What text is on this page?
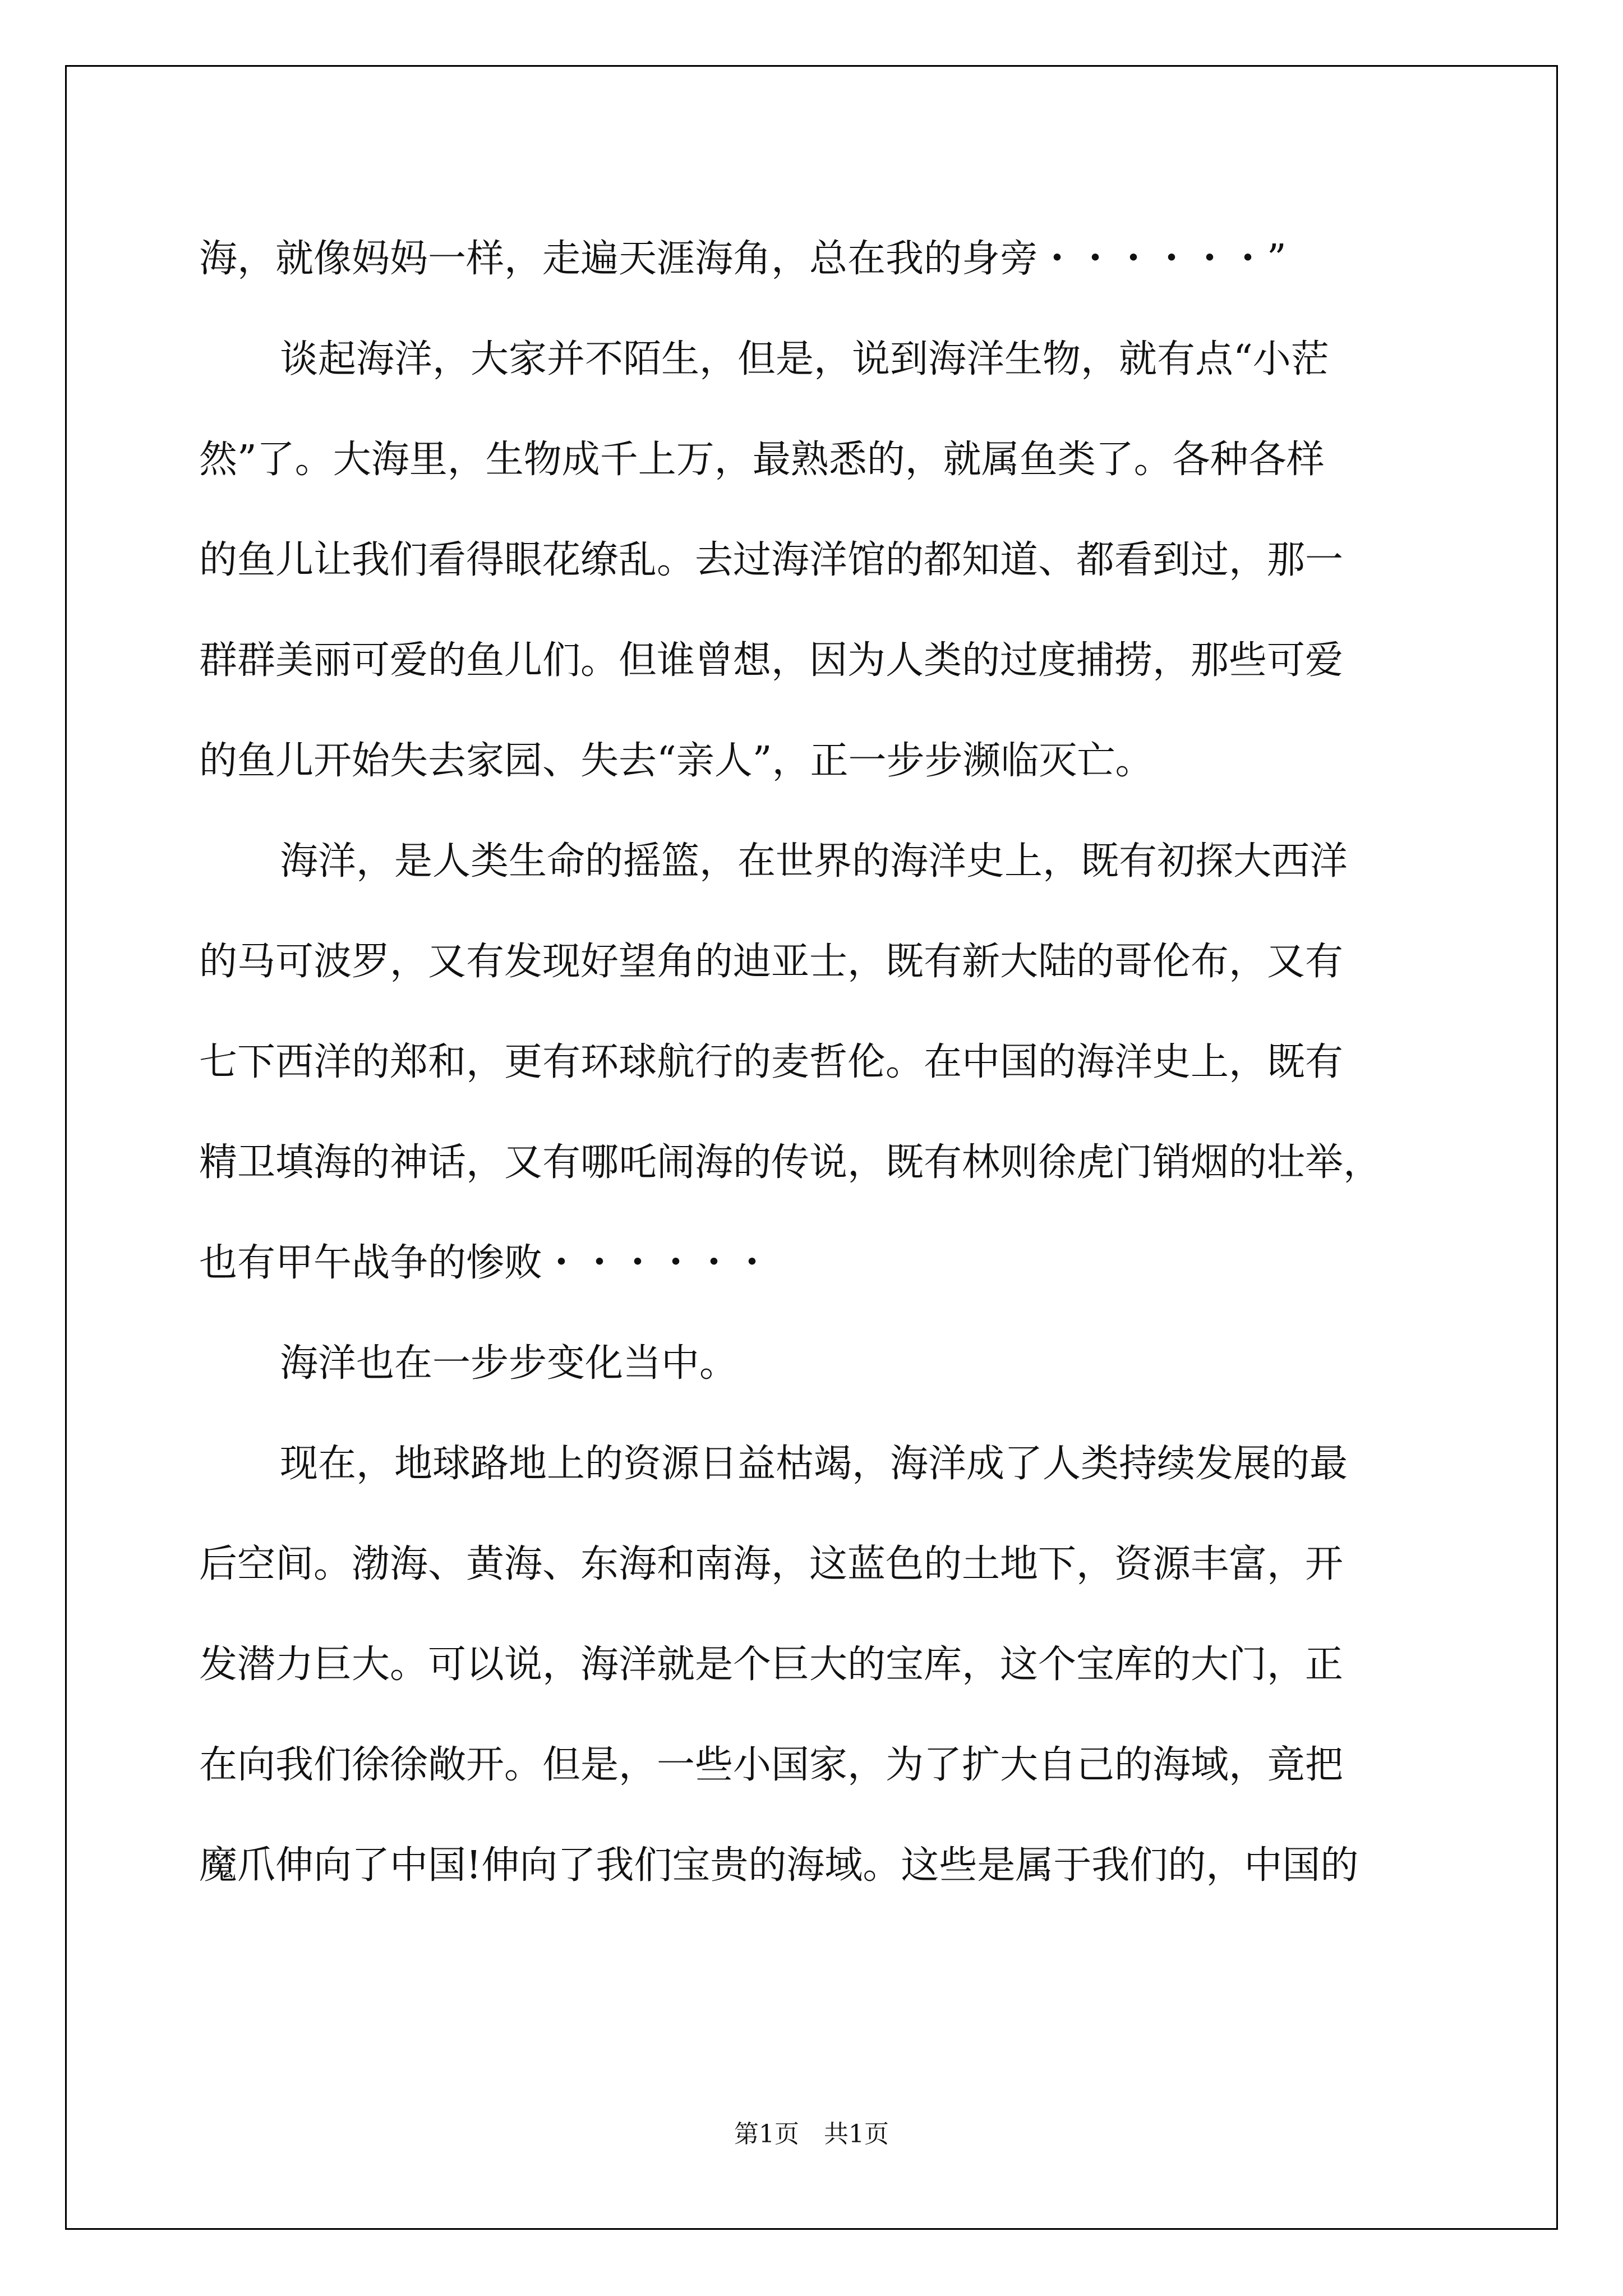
海，就像妈妈一样，走遍天涯海角，总在我的身旁・・・・・・”

谈起海洋，大家并不陌生，但是，说到海洋生物，就有点“小茫

然”了。大海里，生物成千上万，最熟悉的，就属鱼类了。各种各样

的鱼儿让我们看得眼花缭乱。去过海洋馆的都知道、都看到过，那一

群群美丽可爱的鱼儿们。但谁曾想，因为人类的过度捕捞，那些可爱

的鱼儿开始失去家园、失去“亲人”，正一步步濒临灭亡。

海洋，是人类生命的摇篮，在世界的海洋史上，既有初探大西洋

的马可波罗，又有发现好望角的迪亚士，既有新大陆的哥伦布，又有

七下西洋的郑和，更有环球航行的麦哲伦。在中国的海洋史上，既有

精卫填海的神话，又有哪吒闹海的传说，既有林则徐虎门销烟的壮举，

也有甲午战争的惨败・・・・・・

海洋也在一步步变化当中。

现在，地球路地上的资源日益枯竭，海洋成了人类持续发展的最

后空间。渤海、黄海、东海和南海，这蓝色的土地下，资源丰富，开

发潜力巨大。可以说，海洋就是个巨大的宝库，这个宝库的大门，正

在向我们徐徐敞开。但是，一些小国家，为了扩大自己的海域，竟把

魔爪伸向了中国!伸向了我们宝贵的海域。这些是属于我们的，中国的

第1页　共1页
